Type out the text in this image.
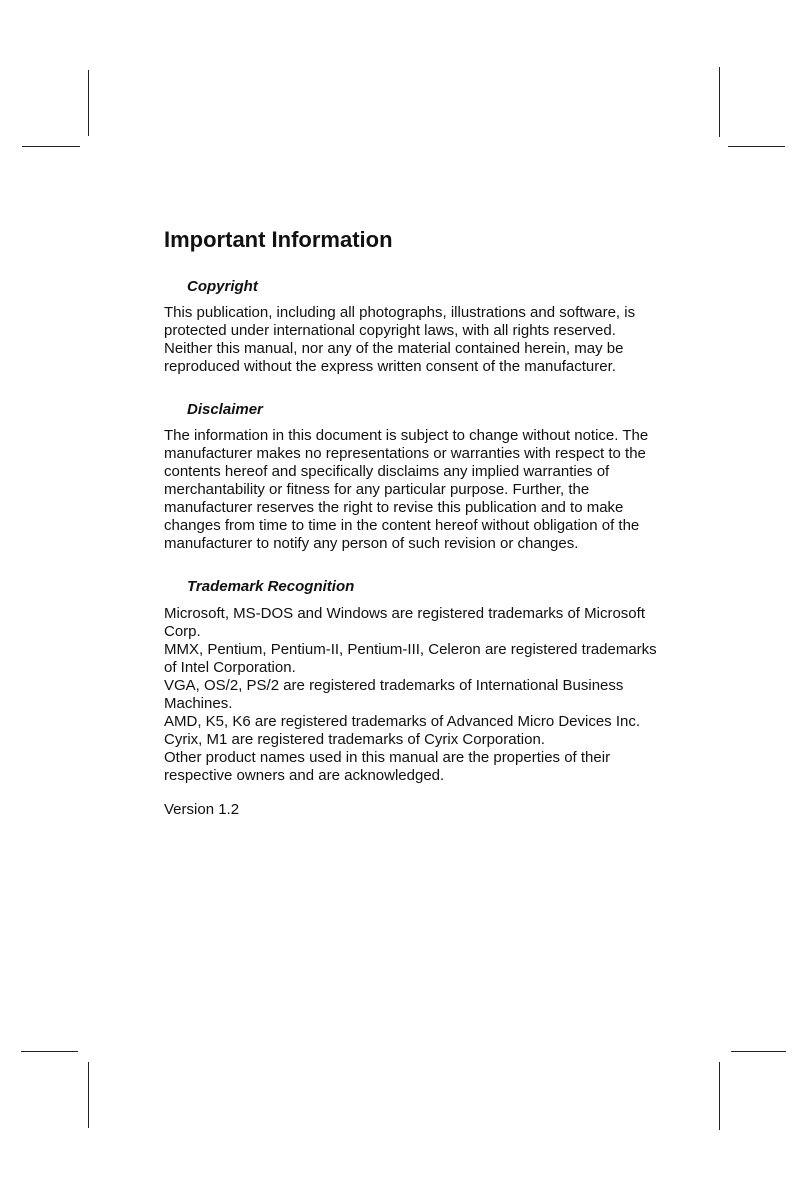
Important Information
Copyright

This publication, including all photographs, illustrations and software, is protected under international copyright laws, with all rights reserved. Neither this manual, nor any of the material contained herein, may be reproduced without the express written consent of the manufacturer.

Disclaimer

The information in this document is subject to change without notice. The manufacturer makes no representations or warranties with respect to the contents hereof and specifically disclaims any implied warranties of merchantability or fitness for any particular purpose. Further, the manufacturer reserves the right to revise this publication and to make changes from time to time in the content hereof without obligation of the manufacturer to notify any person of such revision or changes.

Trademark Recognition

Microsoft, MS-DOS and Windows are registered trademarks of Microsoft Corp.

MMX, Pentium, Pentium-II, Pentium-III, Celeron are registered trademarks of Intel Corporation.

VGA, OS/2, PS/2 are registered trademarks of International Business Machines.

AMD, K5, K6 are registered trademarks of Advanced Micro Devices Inc.

Cyrix, M1 are registered trademarks of Cyrix Corporation.

Other product names used in this manual are the properties of their respective owners and are acknowledged.

Version 1.2
